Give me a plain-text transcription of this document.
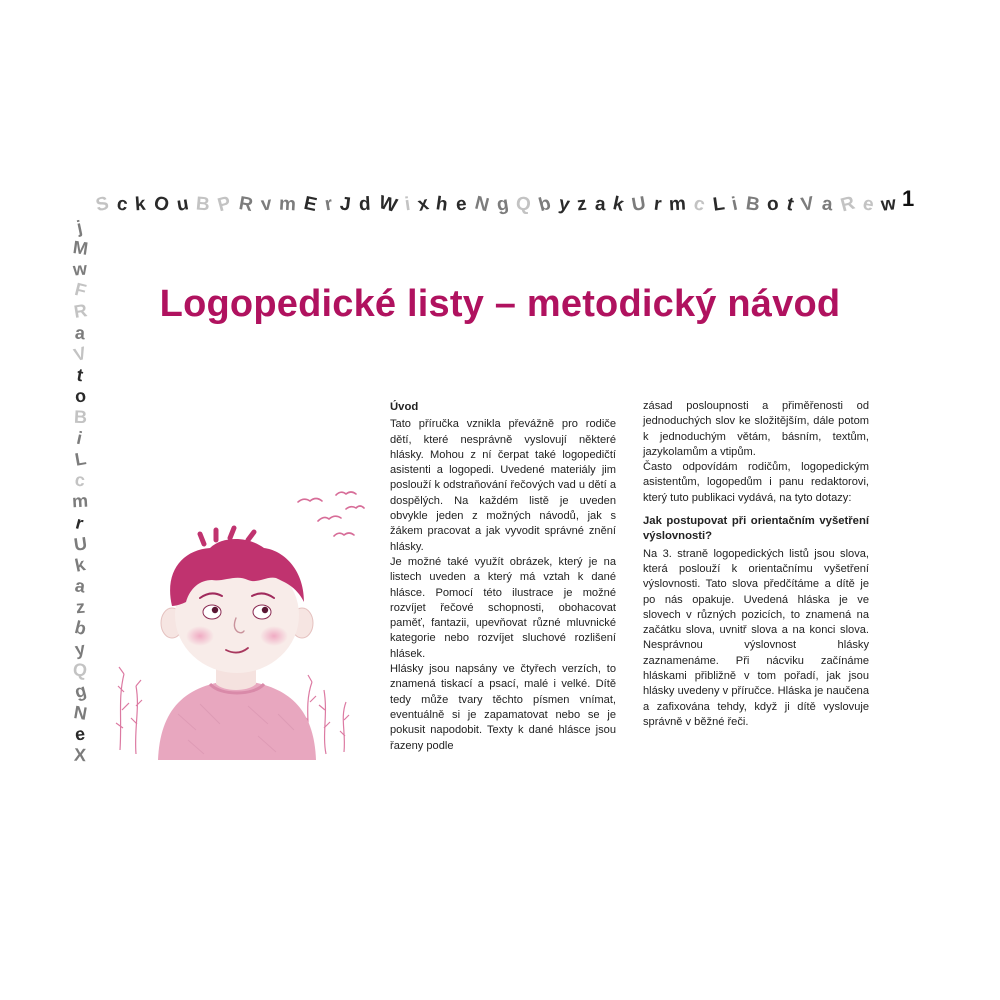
S c k O u B P R v m E r J d W i x h e N g Q b y z a k U r m c L i B o t V a R e w 1
j
M
w
F
R
a
V
t
o
B
i
L
c
m
r
U
k
a
z
b
y
Q
g
N
e
X
Logopedické listy – metodický návod
Úvod

Tato příručka vznikla převážně pro rodiče dětí, které nesprávně vyslovují některé hlásky. Mohou z ní čerpat také logopedičtí asistenti a logopedi. Uvedené materiály jim poslouží k odstraňování řečových vad u dětí a dospělých. Na každém listě je uveden obvykle jeden z možných návodů, jak s žákem pracovat a jak vyvodit správné znění hlásky.

Je možné také využít obrázek, který je na listech uveden a který má vztah k dané hlásce. Pomocí této ilustrace je možné rozvíjet řečové schopnosti, obohacovat paměť, fantazii, upevňovat různé mluvnické kategorie nebo rozvíjet sluchové rozlišení hlásek.

Hlásky jsou napsány ve čtyřech verzích, to znamená tiskací a psací, malé i velké. Dítě tedy může tvary těchto písmen vnímat, eventuálně si je zapamatovat nebo se je pokusit napodobit. Texty k dané hlásce jsou řazeny podle

zásad posloupnosti a přiměřenosti od jednoduchých slov ke složitějším, dále potom k jednoduchým větám, básním, textům, jazykolamům a vtipům.

Často odpovídám rodičům, logopedickým asistentům, logopedům i panu redaktorovi, který tuto publikaci vydává, na tyto dotazy:

Jak postupovat při orientačním vyšetření výslovnosti?

Na 3. straně logopedických listů jsou slova, která poslouží k orientačnímu vyšetření výslovnosti. Tato slova předčítáme a dítě je po nás opakuje. Uvedená hláska je ve slovech v různých pozicích, to znamená na začátku slova, uvnitř slova a na konci slova. Nesprávnou výslovnost hlásky zaznamenáme. Při nácviku začínáme hláskami přibližně v tom pořadí, jak jsou hlásky uvedeny v příručce. Hláska je naučena a zafixována tehdy, když ji dítě vyslovuje správně v běžné řeči.
